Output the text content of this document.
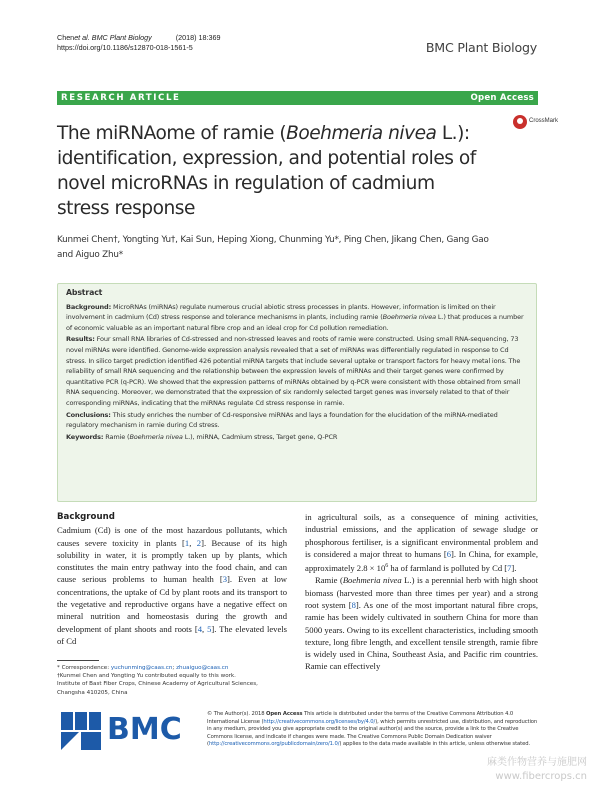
Chenet al. BMC Plant Biology	(2018) 18:369
https://doi.org/10.1186/s12870-018-1561-5	BMC Plant Biology
RESEARCH ARTICLE	Open Access
The miRNAome of ramie (Boehmeria nivea L.): identification, expression, and potential roles of novel microRNAs in regulation of cadmium stress response
CrossMark
Kunmei Chen†, Yongting Yu†, Kai Sun, Heping Xiong, Chunming Yu*, Ping Chen, Jikang Chen, Gang Gao and Aiguo Zhu*
Abstract

Background: MicroRNAs (miRNAs) regulate numerous crucial abiotic stress processes in plants. However, information is limited on their involvement in cadmium (Cd) stress response and tolerance mechanisms in plants, including ramie (Boehmeria nivea L.) that produces a number of economic valuable as an important natural fibre crop and an ideal crop for Cd pollution remediation.

Results: Four small RNA libraries of Cd-stressed and non-stressed leaves and roots of ramie were constructed. Using small RNA-sequencing, 73 novel miRNAs were identified. Genome-wide expression analysis revealed that a set of miRNAs was differentially regulated in response to Cd stress. In silico target prediction identified 426 potential miRNA targets that include several uptake or transport factors for heavy metal ions. The reliability of small RNA sequencing and the relationship between the expression levels of miRNAs and their target genes were confirmed by quantitative PCR (q-PCR). We showed that the expression patterns of miRNAs obtained by q-PCR were consistent with those obtained from small RNA sequencing. Moreover, we demonstrated that the expression of six randomly selected target genes was inversely related to that of their corresponding miRNAs, indicating that the miRNAs regulate Cd stress response in ramie.

Conclusions: This study enriches the number of Cd-responsive miRNAs and lays a foundation for the elucidation of the miRNA-mediated regulatory mechanism in ramie during Cd stress.

Keywords: Ramie (Boehmeria nivea L.), miRNA, Cadmium stress, Target gene, Q-PCR

Background

Cadmium (Cd) is one of the most hazardous pollutants, which causes severe toxicity in plants [1, 2]. Because of its high solubility in water, it is promptly taken up by plants, which constitutes the main entry pathway into the food chain, and can cause serious problems to human health [3]. Even at low concentrations, the uptake of Cd by plant roots and its transport to the vegetative and reproductive organs have a negative effect on mineral nutrition and homeostasis during the growth and development of plant shoots and roots [4, 5]. The elevated levels of Cd

in agricultural soils, as a consequence of mining activities, industrial emissions, and the application of sewage sludge or phosphorous fertiliser, is a significant environmental problem and is considered a major threat to humans [6]. In China, for example, approximately $2.8 \times 10^6$ ha of farmland is polluted by Cd [7].

Ramie (Boehmeria nivea L.) is a perennial herb with high shoot biomass (harvested more than three times per year) and a strong root system [8]. As one of the most important natural fibre crops, ramie has been widely cultivated in southern China for more than 5000 years. Owing to its excellent characteristics, including smooth texture, long fibre length, and excellent tensile strength, ramie fibre is widely used in China, Southeast Asia, and Pacific rim countries. Ramie can effectively

* Correspondence: yuchunming@caas.cn; zhuaiguo@caas.cn
†Kunmei Chen and Yongting Yu contributed equally to this work.
Institute of Bast Fiber Crops, Chinese Academy of Agricultural Sciences,
Changsha 410205, China
BMC	© The Author(s). 2018 Open Access This article is distributed under the terms of the Creative Commons Attribution 4.0 International License (http://creativecommons.org/licenses/by/4.0/), which permits unrestricted use, distribution, and reproduction in any medium, provided you give appropriate credit to the original author(s) and the source, provide a link to the Creative Commons license, and indicate if changes were made. The Creative Commons Public Domain Dedication waiver (http://creativecommons.org/publicdomain/zero/1.0/) applies to the data made available in this article, unless otherwise stated.
麻类作物营养与施肥网
www.fibercrops.cn
